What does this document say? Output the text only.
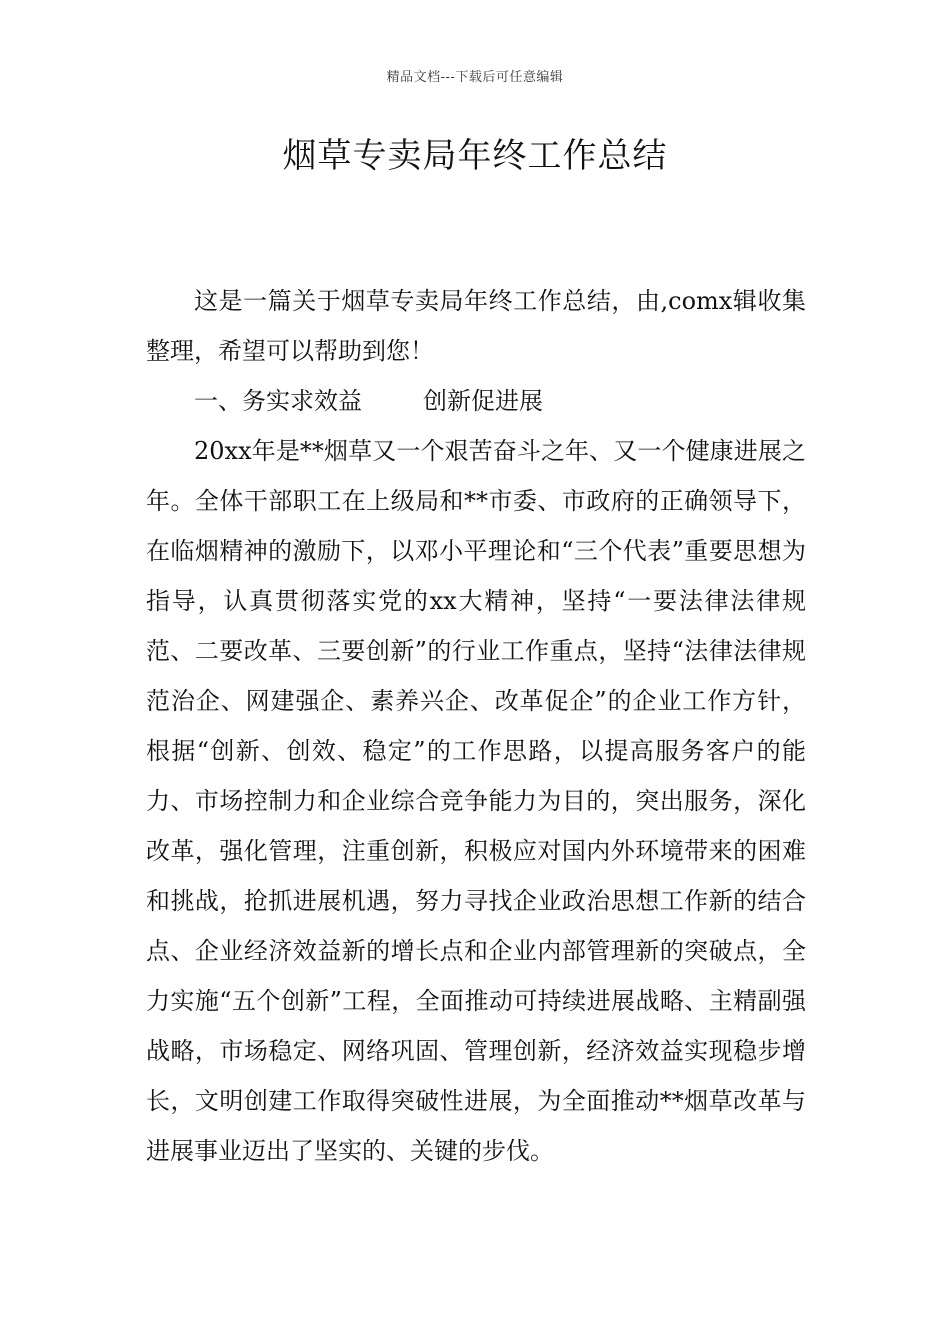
精品文档---下载后可任意编辑
烟草专卖局年终工作总结

这是一篇关于烟草专卖局年终工作总结，由,comx辑收集整理，希望可以帮助到您！

一、务实求效益	创新促进展

20xx年是**烟草又一个艰苦奋斗之年、又一个健康进展之年。全体干部职工在上级局和**市委、市政府的正确领导下，在临烟精神的激励下，以邓小平理论和“三个代表”重要思想为指导，认真贯彻落实党的xx大精神，坚持“一要法律法律规范、二要改革、三要创新”的行业工作重点，坚持“法律法律规范治企、网建强企、素养兴企、改革促企”的企业工作方针，根据“创新、创效、稳定”的工作思路，以提高服务客户的能力、市场控制力和企业综合竞争能力为目的，突出服务，深化改革，强化管理，注重创新，积极应对国内外环境带来的困难和挑战，抢抓进展机遇，努力寻找企业政治思想工作新的结合点、企业经济效益新的增长点和企业内部管理新的突破点，全力实施“五个创新”工程，全面推动可持续进展战略、主精副强战略，市场稳定、网络巩固、管理创新，经济效益实现稳步增长，文明创建工作取得突破性进展，为全面推动**烟草改革与进展事业迈出了坚实的、关键的步伐。
